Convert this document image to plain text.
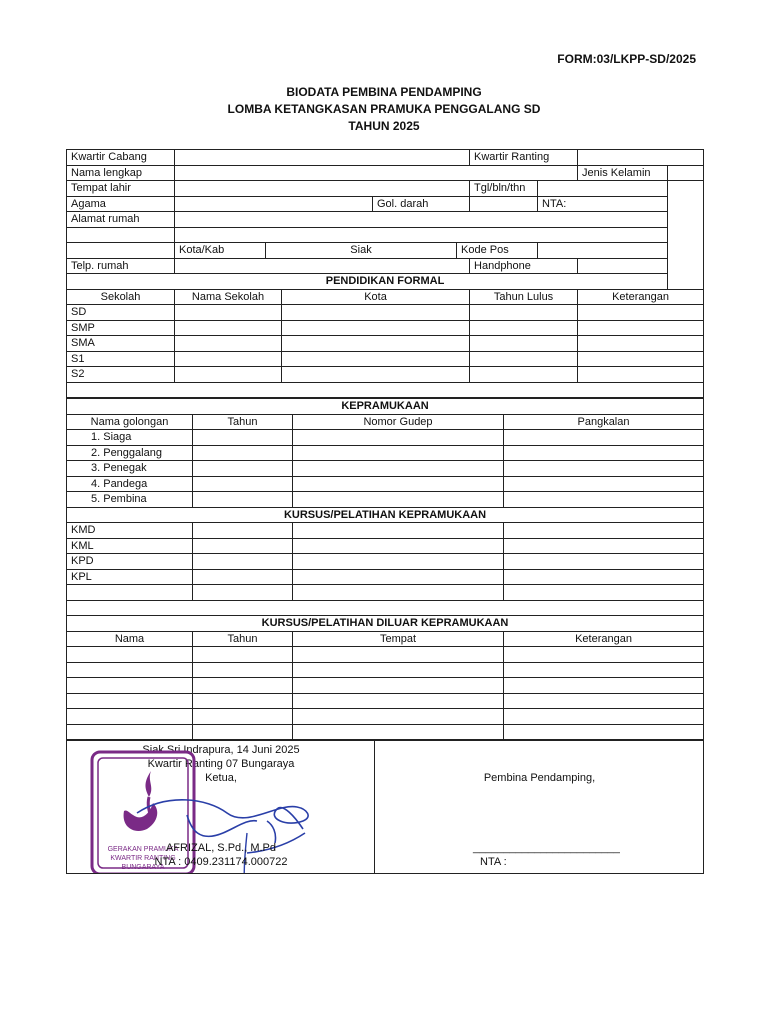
FORM:03/LKPP-SD/2025
BIODATA PEMBINA PENDAMPING
LOMBA KETANGKASAN PRAMUKA PENGGALANG SD
TAHUN 2025
Kwartir Cabang						Kwartir Ranting			
Nama lengkap								Jenis Kelamin	
Tempat lahir						Tgl/bln/thn			
Agama				Gol. darah			NTA:		
Alamat rumah									

	Kota/Kab	Siak			Kode Pos				
Telp. rumah						Handphone			
PENDIDIKAN FORMAL									
Sekolah	Nama Sekolah		Kota			Tahun Lulus		Keterangan	
SD									
SMP									
SMA									
S1									
S2									

KEPRAMUKAAN			
Nama golongan	Tahun	Nomor Gudep	Pangkalan
1. Siaga			
2. Penggalang			
3. Penegak			
4. Pandega			
5. Pembina			
KURSUS/PELATIHAN KEPRAMUKAAN			
KMD			
KML			
KPD			
KPL			

KURSUS/PELATIHAN DILUAR KEPRAMUKAAN			
Nama	Tahun	Tempat	Keterangan

Siak Sri Indrapura, 14 Juni 2025
Kwartir Ranting 07 Bungaraya
Ketua,
GERAKAN PRAMUKA
KWARTIR RANTING
BUNGARAYA
AFRIZAL, S.Pd., M.Pd
NTA : 0409.231174.000722

Pembina Pendamping,
________________________
NTA :
